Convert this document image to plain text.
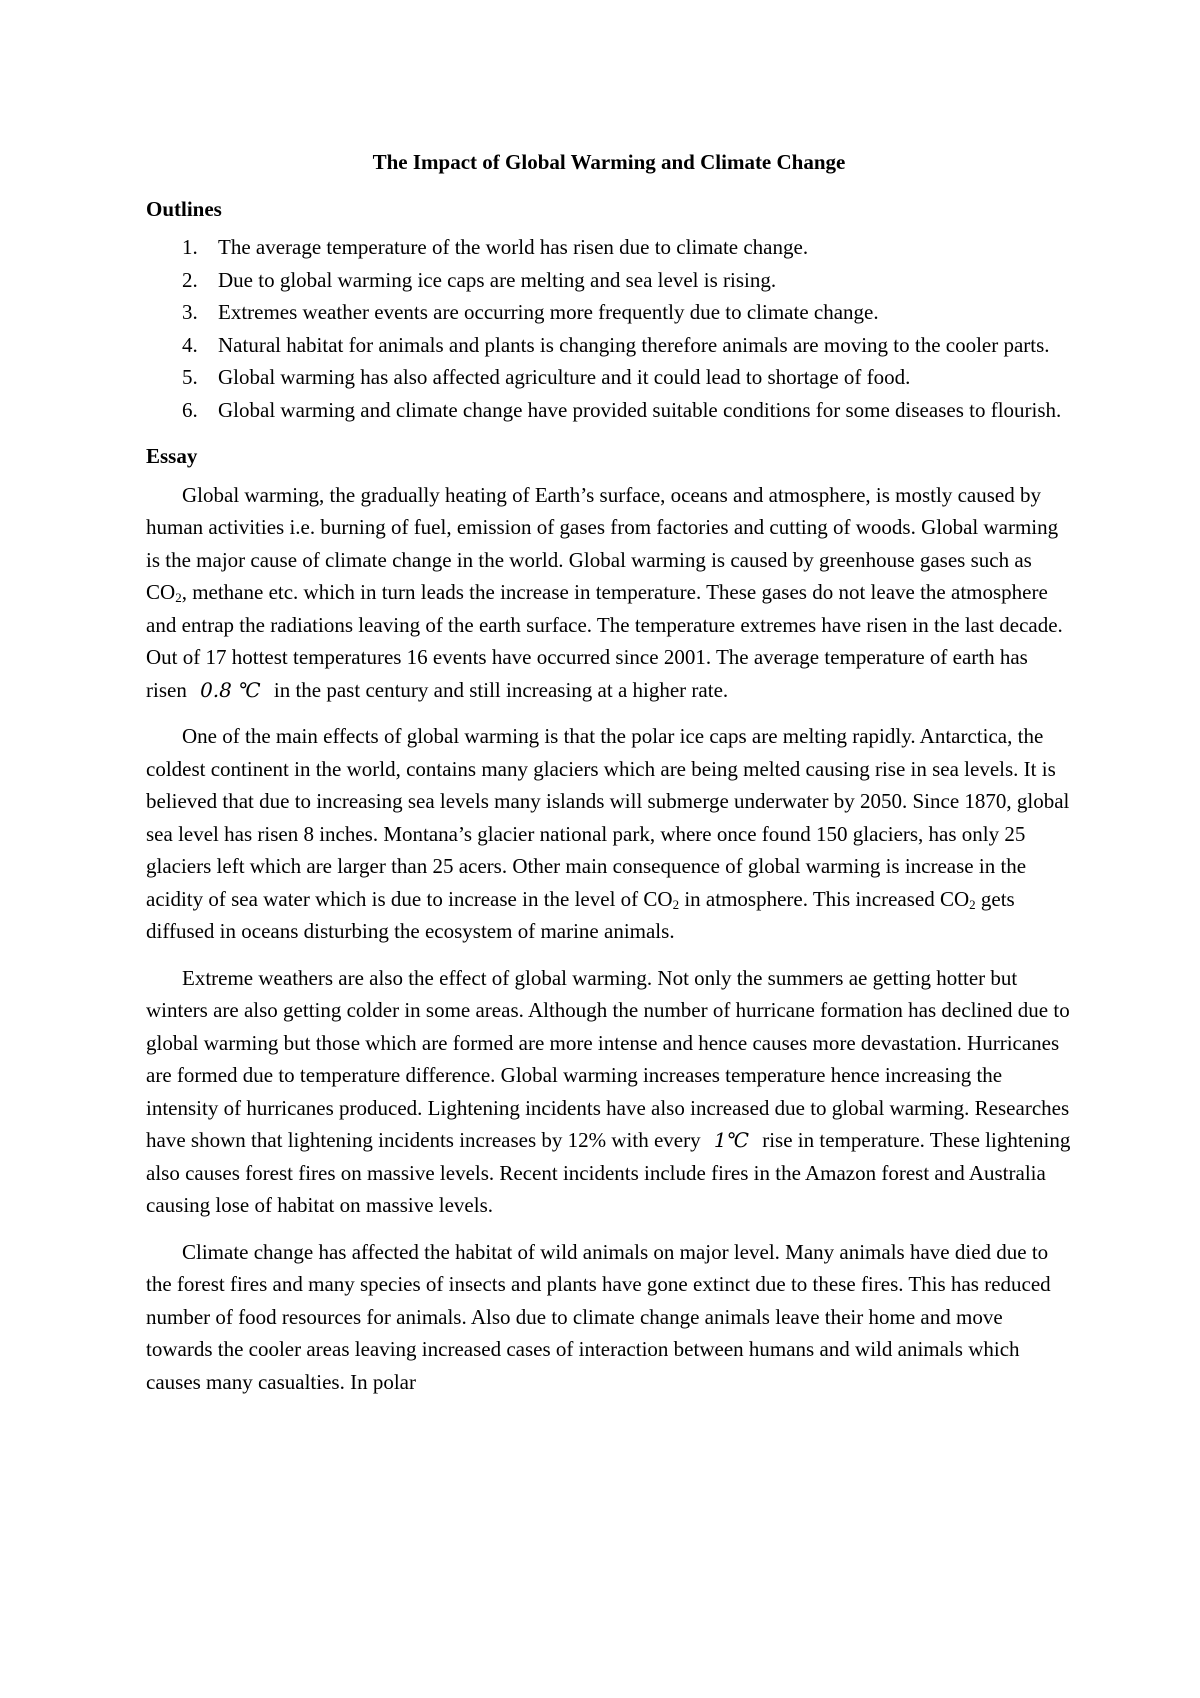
The Impact of Global Warming and Climate Change
Outlines
1. The average temperature of the world has risen due to climate change.
2. Due to global warming ice caps are melting and sea level is rising.
3. Extremes weather events are occurring more frequently due to climate change.
4. Natural habitat for animals and plants is changing therefore animals are moving to the cooler parts.
5. Global warming has also affected agriculture and it could lead to shortage of food.
6. Global warming and climate change have provided suitable conditions for some diseases to flourish.
Essay

Global warming, the gradually heating of Earth’s surface, oceans and atmosphere, is mostly caused by human activities i.e. burning of fuel, emission of gases from factories and cutting of woods. Global warming is the major cause of climate change in the world. Global warming is caused by greenhouse gases such as $CO_2$, methane etc. which in turn leads the increase in temperature. These gases do not leave the atmosphere and entrap the radiations leaving of the earth surface. The temperature extremes have risen in the last decade. Out of 17 hottest temperatures 16 events have occurred since 2001. The average temperature of earth has risen 0.8 ℃ in the past century and still increasing at a higher rate.

One of the main effects of global warming is that the polar ice caps are melting rapidly. Antarctica, the coldest continent in the world, contains many glaciers which are being melted causing rise in sea levels. It is believed that due to increasing sea levels many islands will submerge underwater by 2050. Since 1870, global sea level has risen 8 inches. Montana’s glacier national park, where once found 150 glaciers, has only 25 glaciers left which are larger than 25 acers. Other main consequence of global warming is increase in the acidity of sea water which is due to increase in the level of $CO_2$ in atmosphere. This increased $CO_2$ gets diffused in oceans disturbing the ecosystem of marine animals.

Extreme weathers are also the effect of global warming. Not only the summers ae getting hotter but winters are also getting colder in some areas. Although the number of hurricane formation has declined due to global warming but those which are formed are more intense and hence causes more devastation. Hurricanes are formed due to temperature difference. Global warming increases temperature hence increasing the intensity of hurricanes produced. Lightening incidents have also increased due to global warming. Researches have shown that lightening incidents increases by 12% with every 1℃ rise in temperature. These lightening also causes forest fires on massive levels. Recent incidents include fires in the Amazon forest and Australia causing lose of habitat on massive levels.

Climate change has affected the habitat of wild animals on major level. Many animals have died due to the forest fires and many species of insects and plants have gone extinct due to these fires. This has reduced number of food resources for animals. Also due to climate change animals leave their home and move towards the cooler areas leaving increased cases of interaction between humans and wild animals which causes many casualties. In polar
